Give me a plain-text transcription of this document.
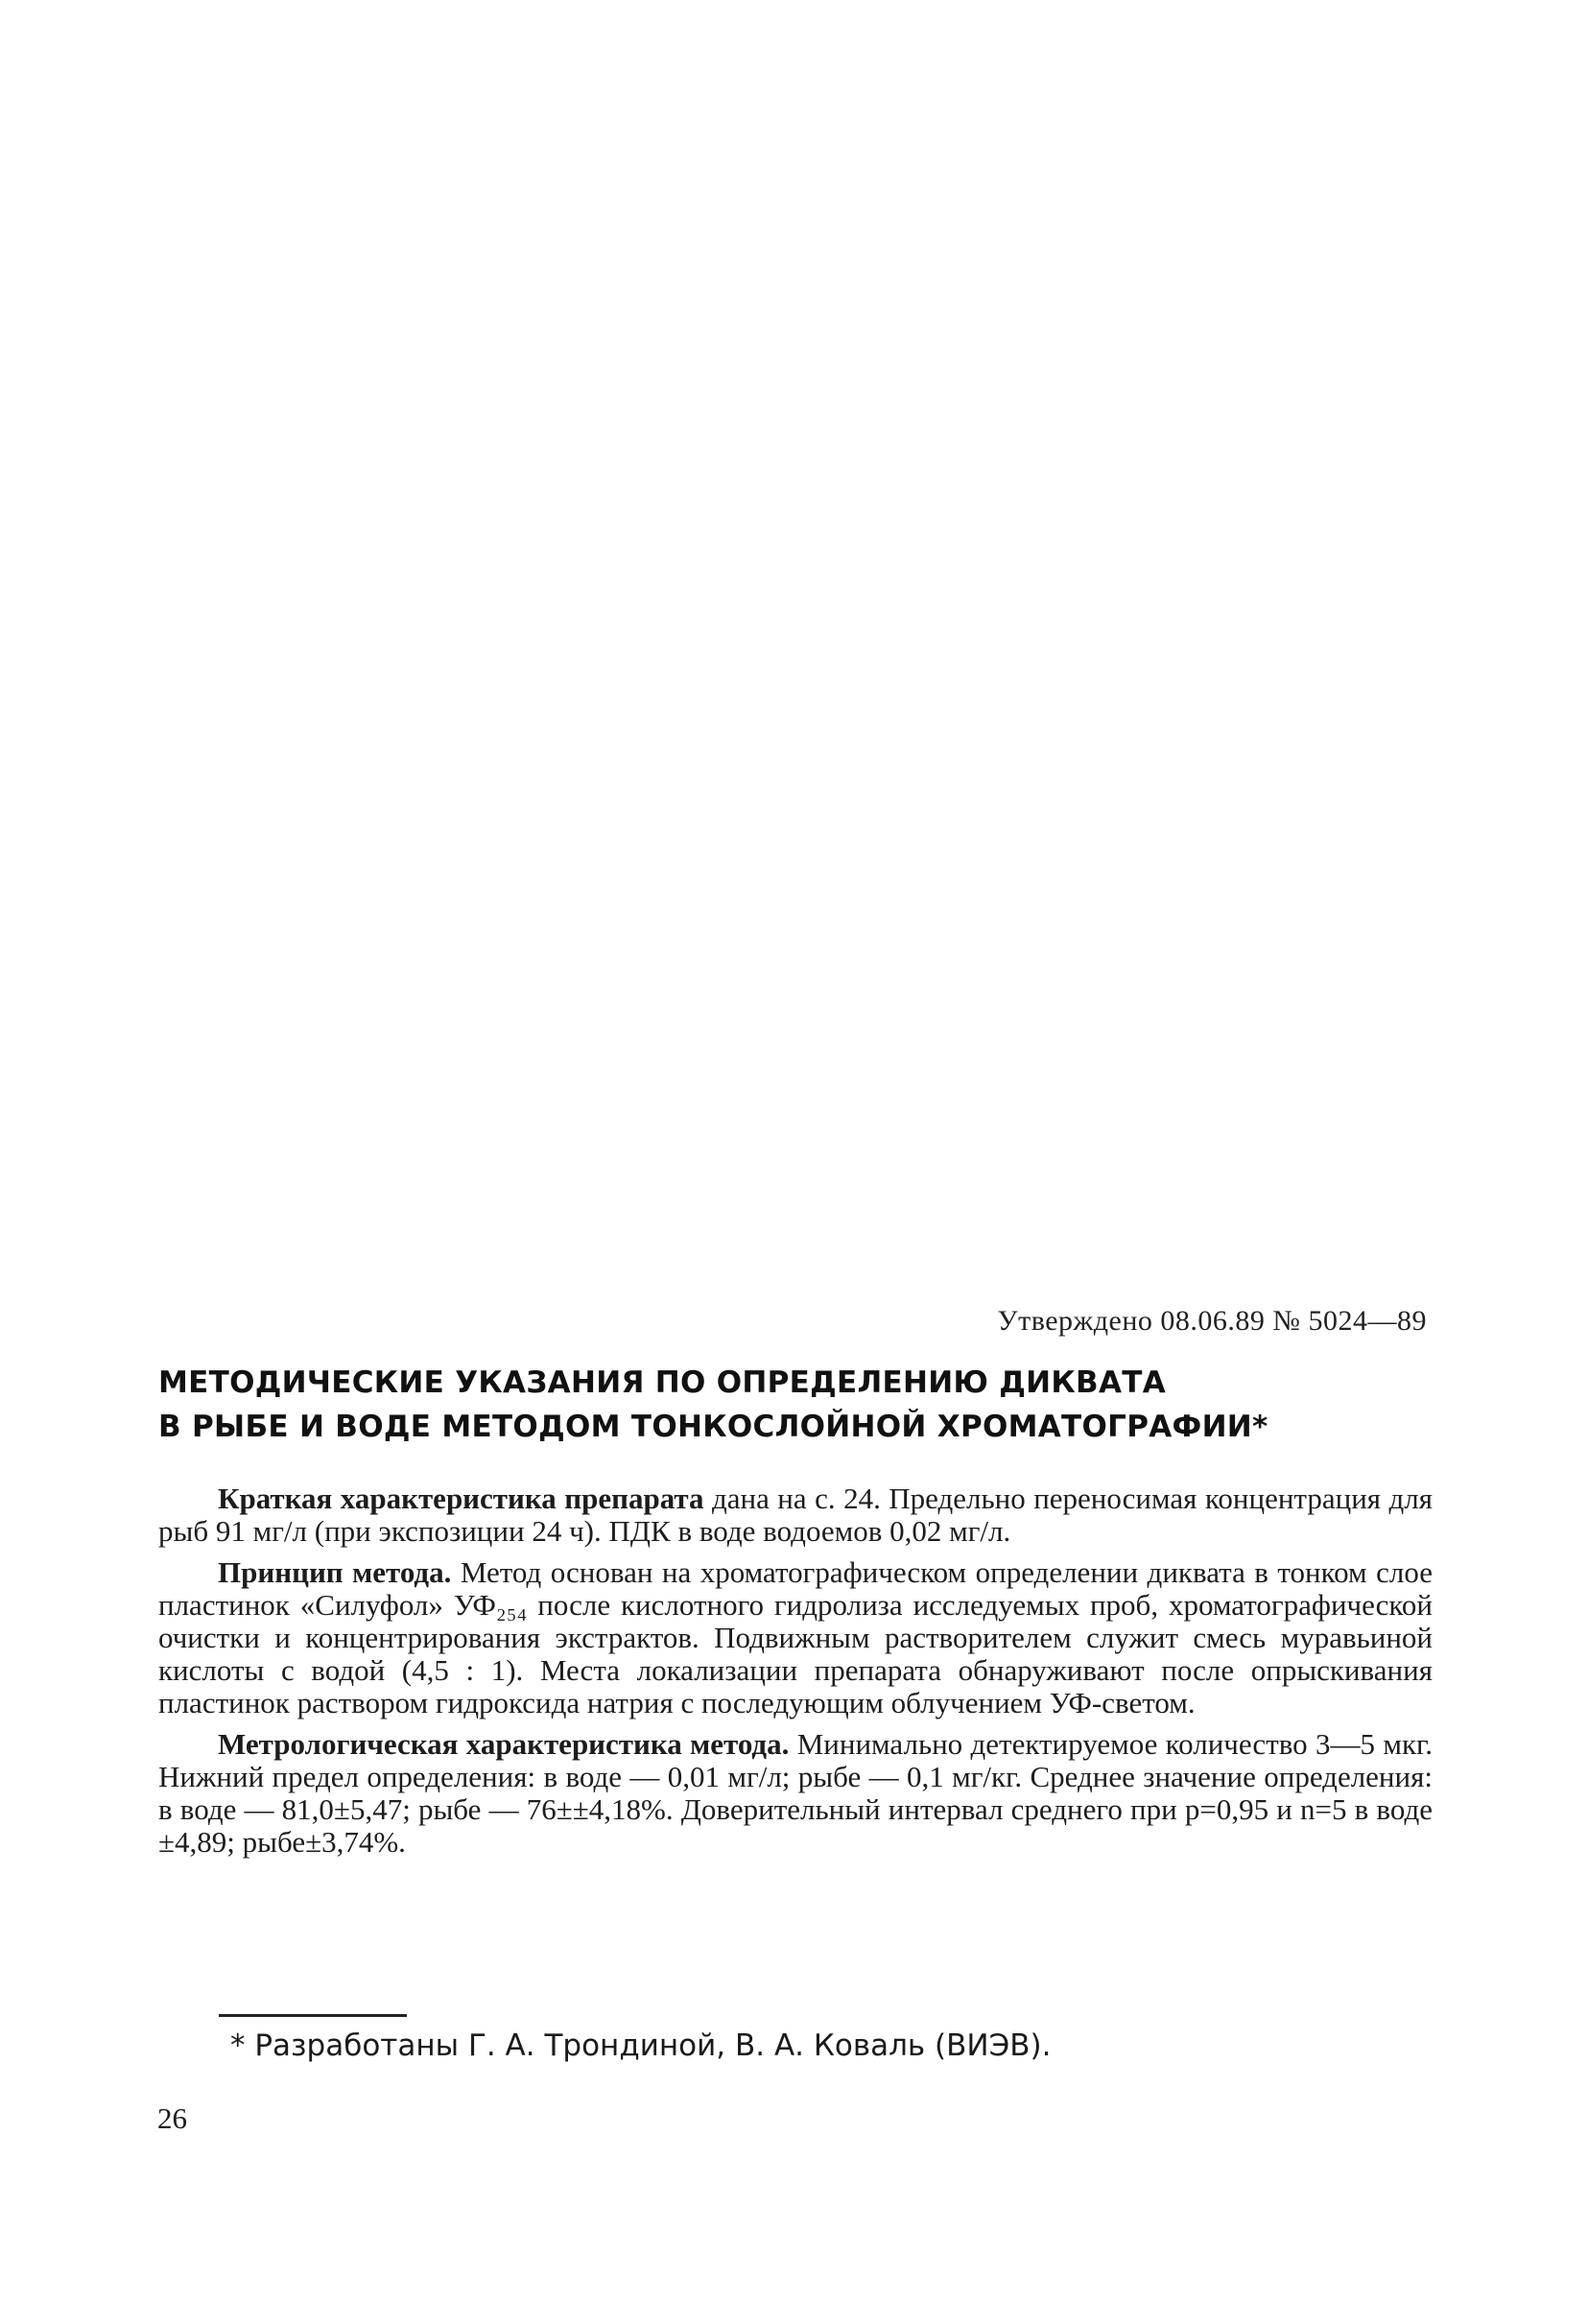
Утверждено 08.06.89 № 5024—89
МЕТОДИЧЕСКИЕ УКАЗАНИЯ ПО ОПРЕДЕЛЕНИЮ ДИКВАТА
В РЫБЕ И ВОДЕ МЕТОДОМ ТОНКОСЛОЙНОЙ ХРОМАТОГРАФИИ*

Краткая характеристика препарата дана на с. 24. Предельно переносимая концентрация для рыб 91 мг/л (при экспозиции 24 ч). ПДК в воде водоемов 0,02 мг/л.

Принцип метода. Метод основан на хроматографическом определении диквата в тонком слое пластинок «Силуфол» УФ₂₅₄ после кислотного гидролиза исследуемых проб, хроматографической очистки и концентрирования экстрактов. Подвижным растворителем служит смесь муравьиной кислоты с водой (4,5 : 1). Места локализации препарата обнаруживают после опрыскивания пластинок раствором гидроксида натрия с последующим облучением УФ-светом.

Метрологическая характеристика метода. Минимально детектируемое количество 3—5 мкг. Нижний предел определения: в воде — 0,01 мг/л; рыбе — 0,1 мг/кг. Среднее значение определения: в воде — 81,0±5,47; рыбе — 76±±4,18%. Доверительный интервал среднего при p=0,95 и n=5 в воде ±4,89; рыбе±3,74%.

* Разработаны Г. А. Трондиной, В. А. Коваль (ВИЭВ).
26
